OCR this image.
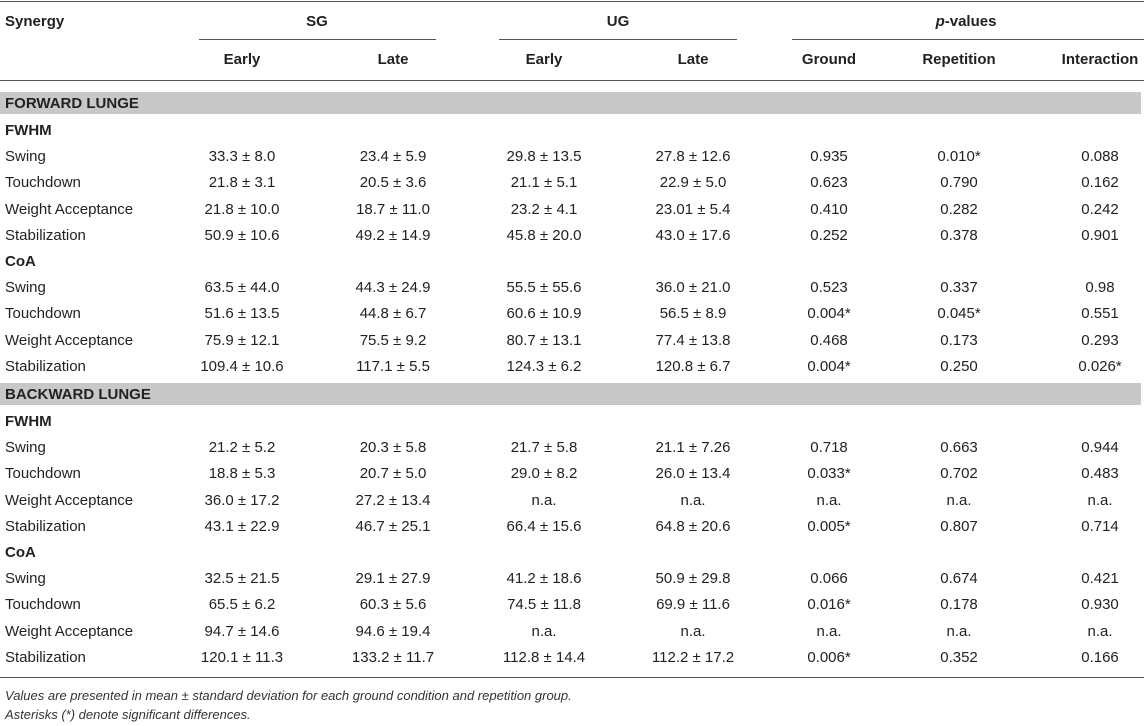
Synergy	SG	UG	p-values
Early	Late	Early	Late	Ground	Repetition	Interaction
FORWARD LUNGE
FWHM
Swing	33.3 ± 8.0	23.4 ± 5.9	29.8 ± 13.5	27.8 ± 12.6	0.935	0.010*	0.088
Touchdown	21.8 ± 3.1	20.5 ± 3.6	21.1 ± 5.1	22.9 ± 5.0	0.623	0.790	0.162
Weight Acceptance	21.8 ± 10.0	18.7 ± 11.0	23.2 ± 4.1	23.01 ± 5.4	0.410	0.282	0.242
Stabilization	50.9 ± 10.6	49.2 ± 14.9	45.8 ± 20.0	43.0 ± 17.6	0.252	0.378	0.901
CoA
Swing	63.5 ± 44.0	44.3 ± 24.9	55.5 ± 55.6	36.0 ± 21.0	0.523	0.337	0.98
Touchdown	51.6 ± 13.5	44.8 ± 6.7	60.6 ± 10.9	56.5 ± 8.9	0.004*	0.045*	0.551
Weight Acceptance	75.9 ± 12.1	75.5 ± 9.2	80.7 ± 13.1	77.4 ± 13.8	0.468	0.173	0.293
Stabilization	109.4 ± 10.6	117.1 ± 5.5	124.3 ± 6.2	120.8 ± 6.7	0.004*	0.250	0.026*
BACKWARD LUNGE
FWHM
Swing	21.2 ± 5.2	20.3 ± 5.8	21.7 ± 5.8	21.1 ± 7.26	0.718	0.663	0.944
Touchdown	18.8 ± 5.3	20.7 ± 5.0	29.0 ± 8.2	26.0 ± 13.4	0.033*	0.702	0.483
Weight Acceptance	36.0 ± 17.2	27.2 ± 13.4	n.a.	n.a.	n.a.	n.a.	n.a.
Stabilization	43.1 ± 22.9	46.7 ± 25.1	66.4 ± 15.6	64.8 ± 20.6	0.005*	0.807	0.714
CoA
Swing	32.5 ± 21.5	29.1 ± 27.9	41.2 ± 18.6	50.9 ± 29.8	0.066	0.674	0.421
Touchdown	65.5 ± 6.2	60.3 ± 5.6	74.5 ± 11.8	69.9 ± 11.6	0.016*	0.178	0.930
Weight Acceptance	94.7 ± 14.6	94.6 ± 19.4	n.a.	n.a.	n.a.	n.a.	n.a.
Stabilization	120.1 ± 11.3	133.2 ± 11.7	112.8 ± 14.4	112.2 ± 17.2	0.006*	0.352	0.166
Values are presented in mean ± standard deviation for each ground condition and repetition group.
Asterisks (*) denote significant differences.
